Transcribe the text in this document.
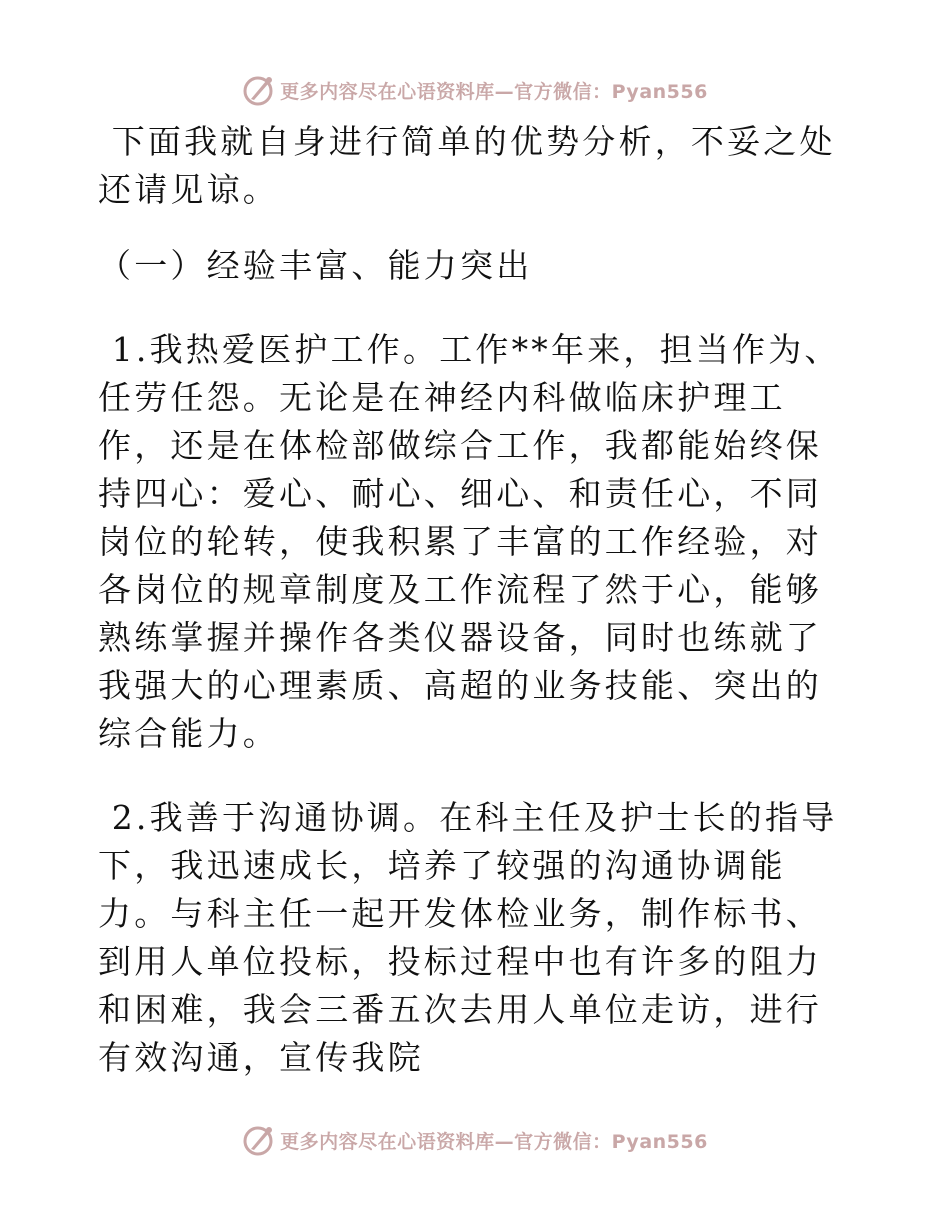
更多内容尽在心语资料库—官方微信：Pyan556

下面我就自身进行简单的优势分析，不妥之处还请见谅。

（一）经验丰富、能力突出

1.我热爱医护工作。工作**年来，担当作为、任劳任怨。无论是在神经内科做临床护理工作，还是在体检部做综合工作，我都能始终保持四心：爱心、耐心、细心、和责任心，不同岗位的轮转，使我积累了丰富的工作经验，对各岗位的规章制度及工作流程了然于心，能够熟练掌握并操作各类仪器设备，同时也练就了我强大的心理素质、高超的业务技能、突出的综合能力。

2.我善于沟通协调。在科主任及护士长的指导下，我迅速成长，培养了较强的沟通协调能力。与科主任一起开发体检业务，制作标书、到用人单位投标，投标过程中也有许多的阻力和困难，我会三番五次去用人单位走访，进行有效沟通，宣传我院

更多内容尽在心语资料库—官方微信：Pyan556
